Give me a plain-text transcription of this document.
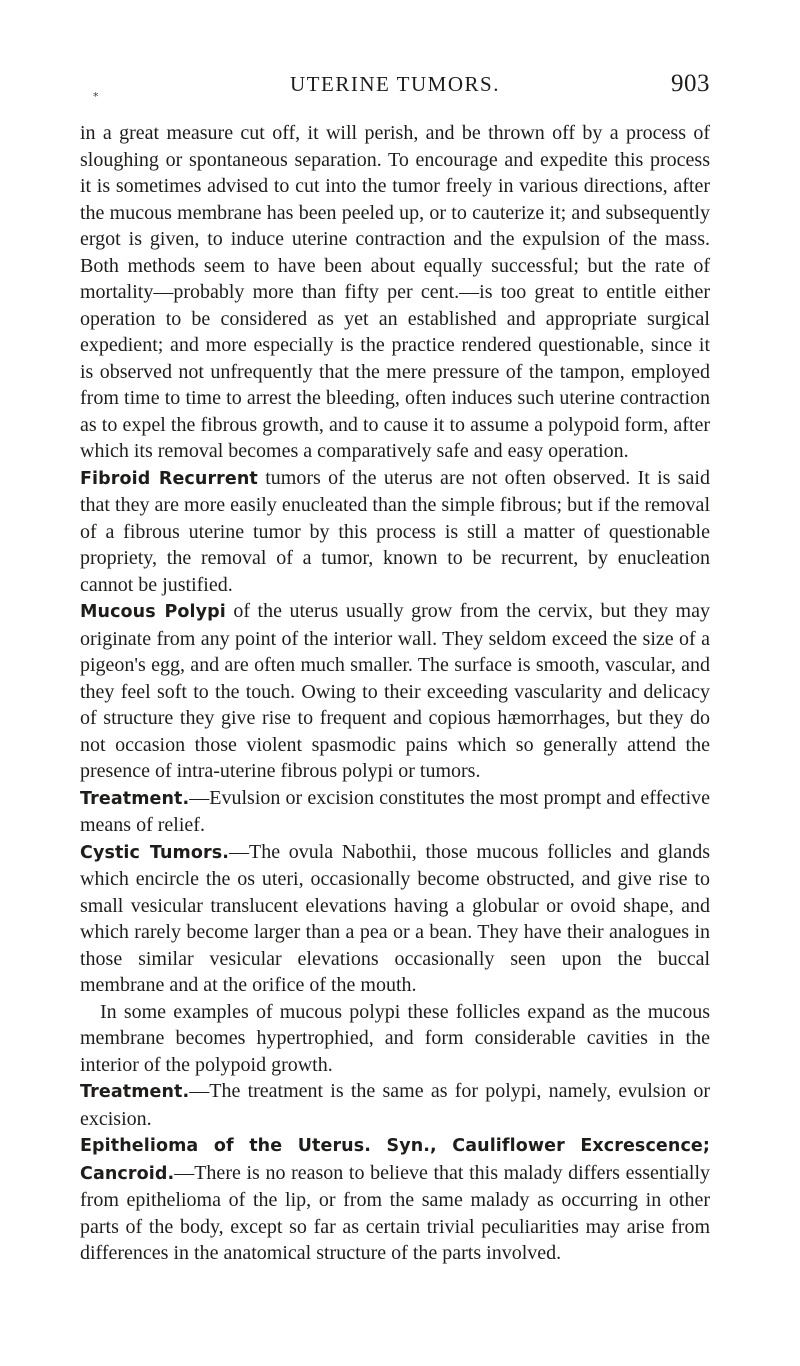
UTERINE TUMORS.	903
*

in a great measure cut off, it will perish, and be thrown off by a process of sloughing or spontaneous separation. To encourage and expedite this process it is sometimes advised to cut into the tumor freely in various directions, after the mucous membrane has been peeled up, or to cauterize it; and subsequently ergot is given, to induce uterine contraction and the expulsion of the mass. Both methods seem to have been about equally successful; but the rate of mortality—probably more than fifty per cent.—is too great to entitle either operation to be considered as yet an established and appropriate surgical expedient; and more especially is the practice rendered questionable, since it is observed not unfrequently that the mere pressure of the tampon, employed from time to time to arrest the bleeding, often induces such uterine contraction as to expel the fibrous growth, and to cause it to assume a polypoid form, after which its removal becomes a comparatively safe and easy operation.

Fibroid Recurrent tumors of the uterus are not often observed. It is said that they are more easily enucleated than the simple fibrous; but if the removal of a fibrous uterine tumor by this process is still a matter of questionable propriety, the removal of a tumor, known to be recurrent, by enucleation cannot be justified.

Mucous Polypi of the uterus usually grow from the cervix, but they may originate from any point of the interior wall. They seldom exceed the size of a pigeon's egg, and are often much smaller. The surface is smooth, vascular, and they feel soft to the touch. Owing to their exceeding vascularity and delicacy of structure they give rise to frequent and copious hæmorrhages, but they do not occasion those violent spasmodic pains which so generally attend the presence of intra-uterine fibrous polypi or tumors.

Treatment.—Evulsion or excision constitutes the most prompt and effective means of relief.

Cystic Tumors.—The ovula Nabothii, those mucous follicles and glands which encircle the os uteri, occasionally become obstructed, and give rise to small vesicular translucent elevations having a globular or ovoid shape, and which rarely become larger than a pea or a bean. They have their analogues in those similar vesicular elevations occasionally seen upon the buccal membrane and at the orifice of the mouth.

In some examples of mucous polypi these follicles expand as the mucous membrane becomes hypertrophied, and form considerable cavities in the interior of the polypoid growth.

Treatment.—The treatment is the same as for polypi, namely, evulsion or excision.

Epithelioma of the Uterus. Syn., Cauliflower Excrescence; Cancroid.—There is no reason to believe that this malady differs essentially from epithelioma of the lip, or from the same malady as occurring in other parts of the body, except so far as certain trivial peculiarities may arise from differences in the anatomical structure of the parts involved.
